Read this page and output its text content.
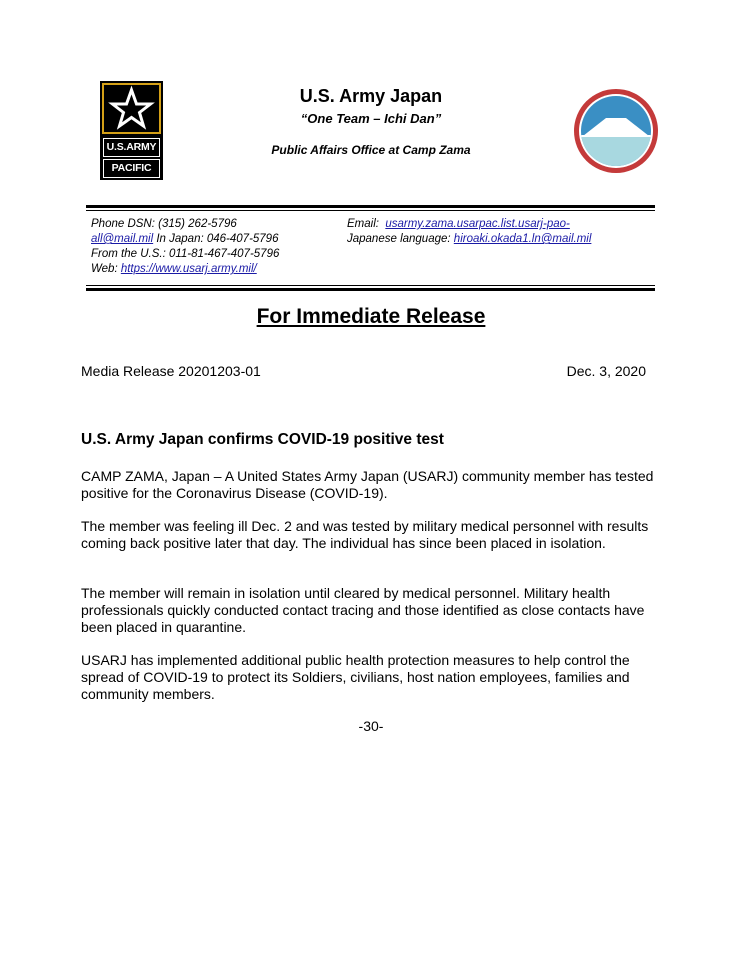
U.S.ARMY
PACIFIC
U.S. Army Japan
“One Team – Ichi Dan”
Public Affairs Office at Camp Zama
Phone DSN: (315) 262-5796
all@mail.mil In Japan: 046-407-5796
From the U.S.: 011-81-467-407-5796
Web: https://www.usarj.army.mil/
Email:  usarmy.zama.usarpac.list.usarj-pao-
Japanese language: hiroaki.okada1.ln@mail.mil
For Immediate Release
Media Release 20201203-01	Dec. 3, 2020
U.S. Army Japan confirms COVID-19 positive test
CAMP ZAMA, Japan – A United States Army Japan (USARJ) community member has tested positive for the Coronavirus Disease (COVID-19).
The member was feeling ill Dec. 2 and was tested by military medical personnel with results coming back positive later that day. The individual has since been placed in isolation.
The member will remain in isolation until cleared by medical personnel. Military health professionals quickly conducted contact tracing and those identified as close contacts have been placed in quarantine.
USARJ has implemented additional public health protection measures to help control the spread of COVID-19 to protect its Soldiers, civilians, host nation employees, families and community members.
-30-
